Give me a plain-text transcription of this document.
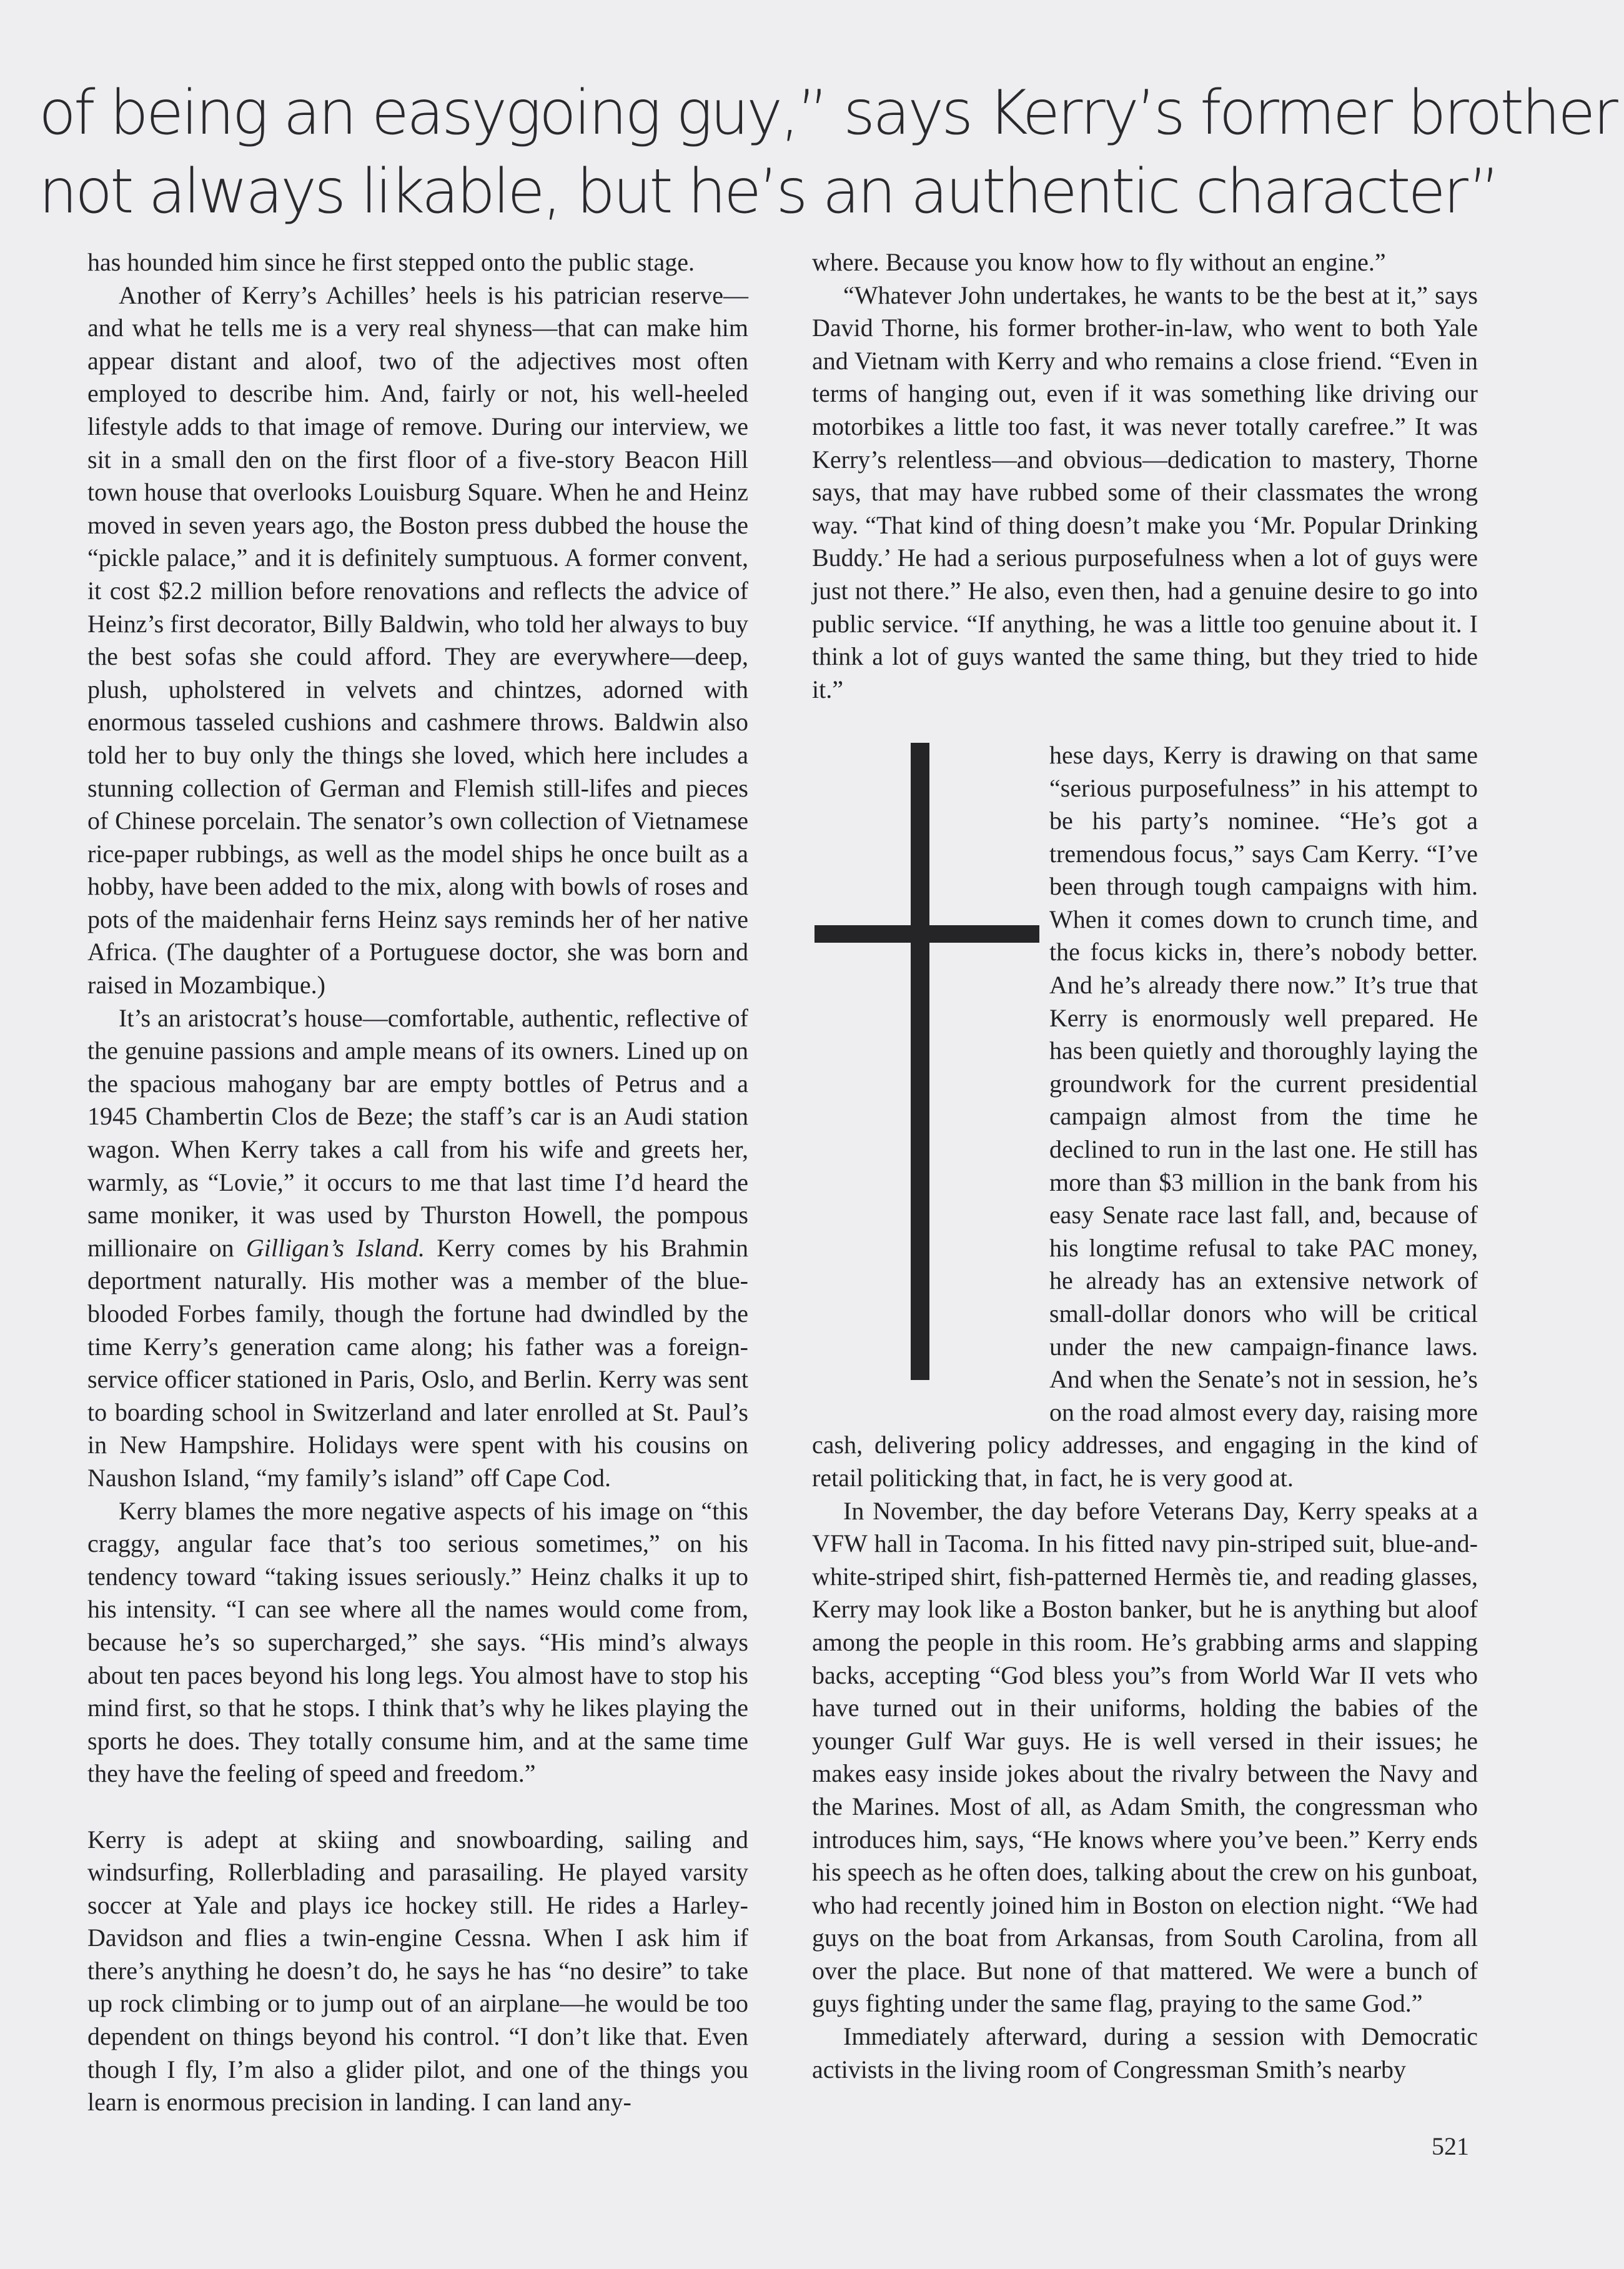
of being an easygoing guy,” says Kerry’s former brother
not always likable, but he’s an authentic character”

has hounded him since he first stepped onto the public stage.

Another of Kerry’s Achilles’ heels is his patrician reserve—and what he tells me is a very real shyness—that can make him appear distant and aloof, two of the adjectives most often employed to describe him. And, fairly or not, his well-heeled lifestyle adds to that image of remove. During our interview, we sit in a small den on the first floor of a five-story Beacon Hill town house that overlooks Louisburg Square. When he and Heinz moved in seven years ago, the Boston press dubbed the house the “pickle palace,” and it is definitely sumptuous. A former convent, it cost $2.2 million before renovations and reflects the advice of Heinz’s first decorator, Billy Baldwin, who told her always to buy the best sofas she could afford. They are everywhere—deep, plush, upholstered in velvets and chintzes, adorned with enormous tasseled cushions and cashmere throws. Baldwin also told her to buy only the things she loved, which here includes a stunning collection of German and Flemish still-lifes and pieces of Chinese porcelain. The senator’s own collection of Vietnamese rice-paper rubbings, as well as the model ships he once built as a hobby, have been added to the mix, along with bowls of roses and pots of the maidenhair ferns Heinz says reminds her of her native Africa. (The daughter of a Portuguese doctor, she was born and raised in Mozambique.)

It’s an aristocrat’s house—comfortable, authentic, reflective of the genuine passions and ample means of its owners. Lined up on the spacious mahogany bar are empty bottles of Petrus and a 1945 Chambertin Clos de Beze; the staff’s car is an Audi station wagon. When Kerry takes a call from his wife and greets her, warmly, as “Lovie,” it occurs to me that last time I’d heard the same moniker, it was used by Thurston Howell, the pompous millionaire on Gilligan’s Island. Kerry comes by his Brahmin deportment naturally. His mother was a member of the blue-blooded Forbes family, though the fortune had dwindled by the time Kerry’s generation came along; his father was a foreign-service officer stationed in Paris, Oslo, and Berlin. Kerry was sent to boarding school in Switzerland and later enrolled at St. Paul’s in New Hampshire. Holidays were spent with his cousins on Naushon Island, “my family’s island” off Cape Cod.

Kerry blames the more negative aspects of his image on “this craggy, angular face that’s too serious sometimes,” on his tendency toward “taking issues seriously.” Heinz chalks it up to his intensity. “I can see where all the names would come from, because he’s so supercharged,” she says. “His mind’s always about ten paces beyond his long legs. You almost have to stop his mind first, so that he stops. I think that’s why he likes playing the sports he does. They totally consume him, and at the same time they have the feeling of speed and freedom.”

Kerry is adept at skiing and snowboarding, sailing and windsurfing, Rollerblading and parasailing. He played varsity soccer at Yale and plays ice hockey still. He rides a Harley-Davidson and flies a twin-engine Cessna. When I ask him if there’s anything he doesn’t do, he says he has “no desire” to take up rock climbing or to jump out of an airplane—he would be too dependent on things beyond his control. “I don’t like that. Even though I fly, I’m also a glider pilot, and one of the things you learn is enormous precision in landing. I can land any-

where. Because you know how to fly without an engine.”

“Whatever John undertakes, he wants to be the best at it,” says David Thorne, his former brother-in-law, who went to both Yale and Vietnam with Kerry and who remains a close friend. “Even in terms of hanging out, even if it was something like driving our motorbikes a little too fast, it was never totally carefree.” It was Kerry’s relentless—and obvious—dedication to mastery, Thorne says, that may have rubbed some of their classmates the wrong way. “That kind of thing doesn’t make you ‘Mr. Popular Drinking Buddy.’ He had a serious purposefulness when a lot of guys were just not there.” He also, even then, had a genuine desire to go into public service. “If anything, he was a little too genuine about it. I think a lot of guys wanted the same thing, but they tried to hide it.”

hese days, Kerry is drawing on that same “serious purposefulness” in his attempt to be his party’s nominee. “He’s got a tremendous focus,” says Cam Kerry. “I’ve been through tough campaigns with him. When it comes down to crunch time, and the focus kicks in, there’s nobody better. And he’s already there now.” It’s true that Kerry is enormously well prepared. He has been quietly and thoroughly laying the groundwork for the current presidential campaign almost from the time he declined to run in the last one. He still has more than $3 million in the bank from his easy Senate race last fall, and, because of his longtime refusal to take PAC money, he already has an extensive network of small-dollar donors who will be critical under the new campaign-finance laws. And when the Senate’s not in session, he’s on the road almost every day, raising more cash, delivering policy addresses, and engaging in the kind of retail politicking that, in fact, he is very good at.

In November, the day before Veterans Day, Kerry speaks at a VFW hall in Tacoma. In his fitted navy pin-striped suit, blue-and-white-striped shirt, fish-patterned Hermès tie, and reading glasses, Kerry may look like a Boston banker, but he is anything but aloof among the people in this room. He’s grabbing arms and slapping backs, accepting “God bless you”s from World War II vets who have turned out in their uniforms, holding the babies of the younger Gulf War guys. He is well versed in their issues; he makes easy inside jokes about the rivalry between the Navy and the Marines. Most of all, as Adam Smith, the congressman who introduces him, says, “He knows where you’ve been.” Kerry ends his speech as he often does, talking about the crew on his gunboat, who had recently joined him in Boston on election night. “We had guys on the boat from Arkansas, from South Carolina, from all over the place. But none of that mattered. We were a bunch of guys fighting under the same flag, praying to the same God.”

Immediately afterward, during a session with Democratic activists in the living room of Congressman Smith’s nearby

521
